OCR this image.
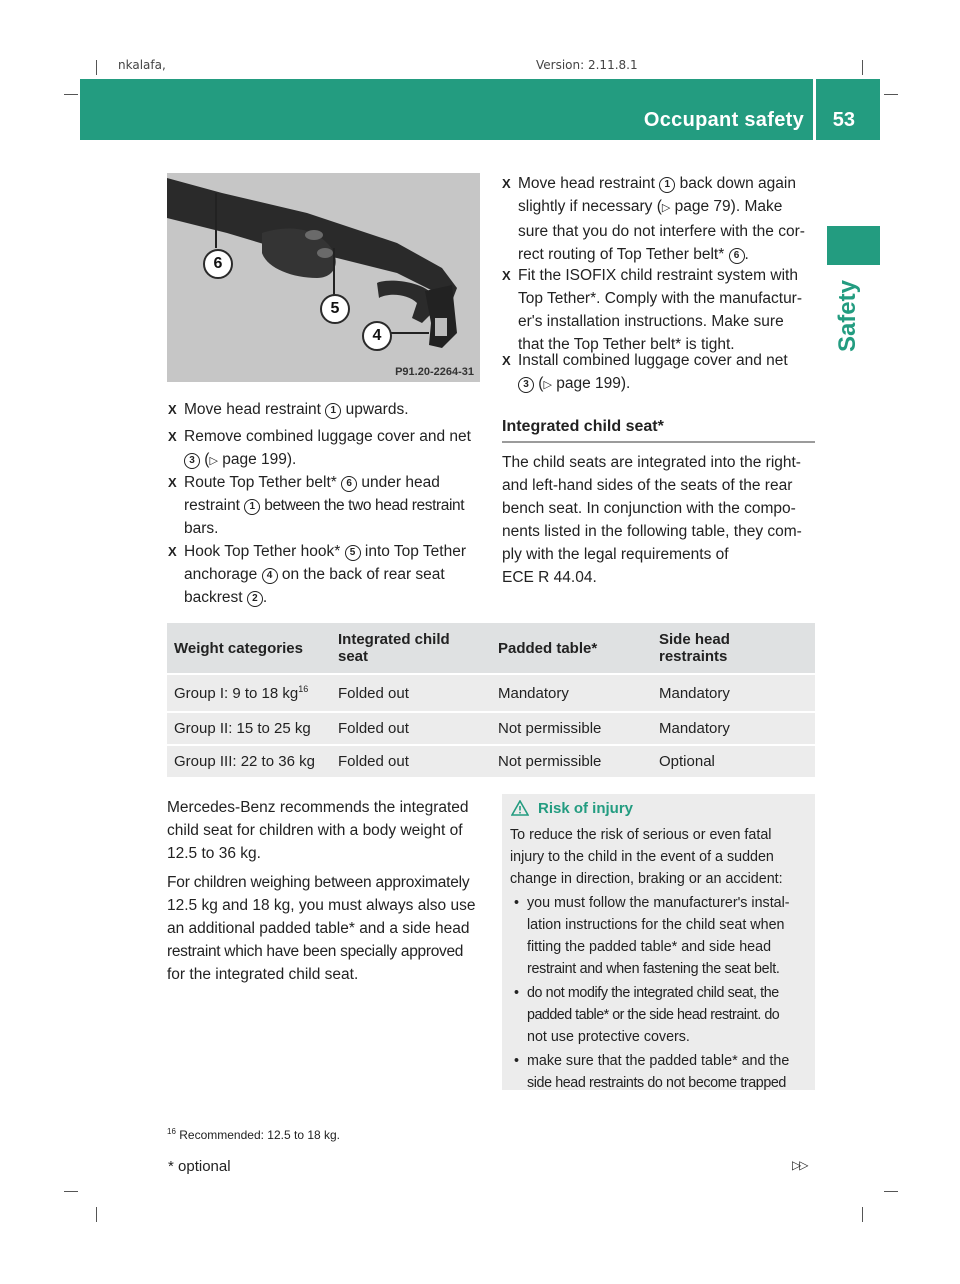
nkalafa,	Version: 2.11.8.1
Occupant safety 53
Safety
6
5
4
P91.20-2264-31
X Move head restraint 1 upwards.
X Remove combined luggage cover and net
3 (▷ page 199).
X Route Top Tether belt* 6 under head
restraint 1 between the two head restraint
bars.
X Hook Top Tether hook* 5 into Top Tether
anchorage 4 on the back of rear seat
backrest 2 .
X Move head restraint 1 back down again
slightly if necessary (▷ page 79). Make
sure that you do not interfere with the cor-
rect routing of Top Tether belt* 6 .
X Fit the ISOFIX child restraint system with
Top Tether*. Comply with the manufactur-
er's installation instructions. Make sure
that the Top Tether belt* is tight.
X Install combined luggage cover and net
3 (▷ page 199).
Integrated child seat*
The child seats are integrated into the right-
and left-hand sides of the seats of the rear
bench seat. In conjunction with the compo-
nents listed in the following table, they com-
ply with the legal requirements of
ECE R 44.04.
Weight categories	Integrated child
seat	Padded table*	Side head
restraints
Group I: 9 to 18 $kg^{16}$	Folded out	Mandatory	Mandatory
Group II: 15 to 25 kg	Folded out	Not permissible	Mandatory
Group III: 22 to 36 kg	Folded out	Not permissible	Optional
Mercedes-Benz recommends the integrated
child seat for children with a body weight of
12.5 to 36 kg.
For children weighing between approximately
12.5 kg and 18 kg, you must always also use
an additional padded table* and a side head
restraint which have been specially approved
for the integrated child seat.
Risk of injury
To reduce the risk of serious or even fatal
injury to the child in the event of a sudden
change in direction, braking or an accident:
• you must follow the manufacturer's instal-
lation instructions for the child seat when
fitting the padded table* and side head
restraint and when fastening the seat belt.
• do not modify the integrated child seat, the
padded table* or the side head restraint. do
not use protective covers.
• make sure that the padded table* and the
side head restraints do not become trapped
$^{16}$ Recommended: 12.5 to 18 kg.
* optional	▷▷
